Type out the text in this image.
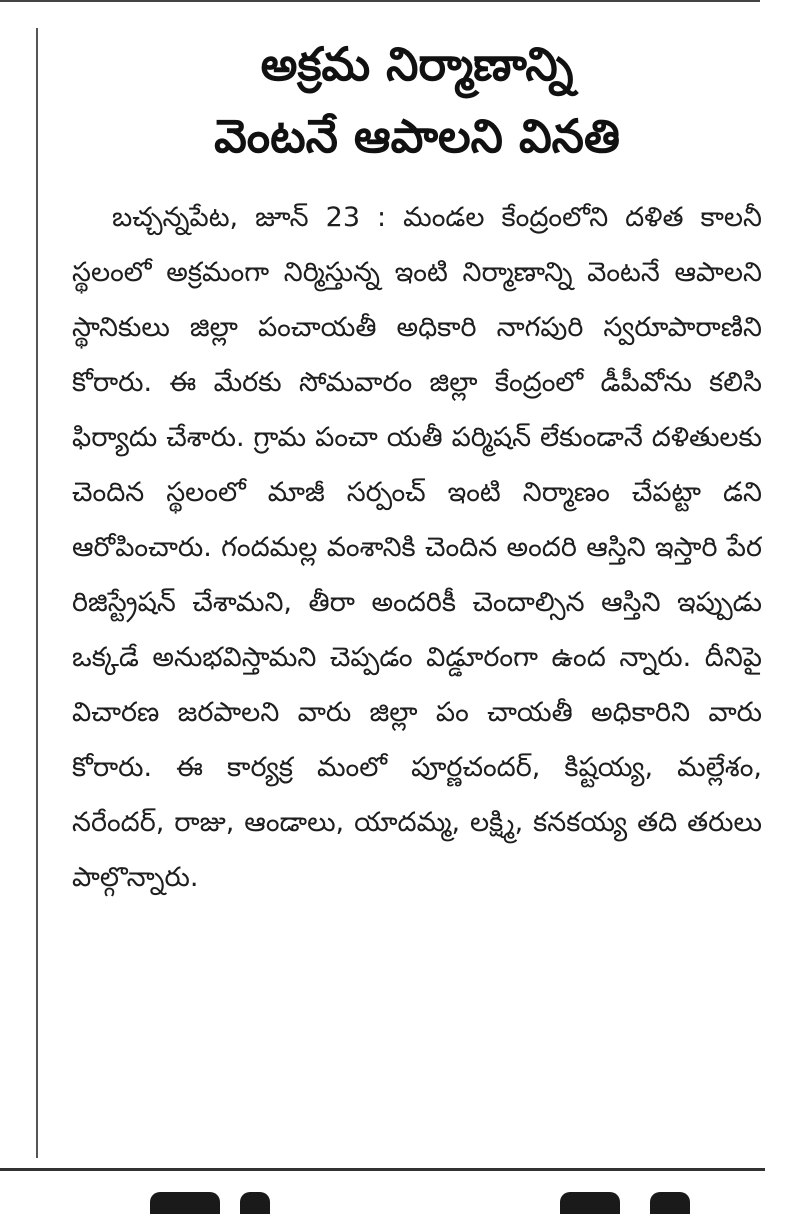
అక్రమ నిర్మాణాన్ని
వెంటనే ఆపాలని వినతి

బచ్చన్నపేట, జూన్ 23 : మండల కేంద్రంలోని దళిత కాలనీ స్థలంలో అక్రమంగా నిర్మిస్తున్న ఇంటి నిర్మాణాన్ని వెంటనే ఆపాలని స్థానికులు జిల్లా పంచాయతీ అధికారి నాగపురి స్వరూపారాణిని కోరారు. ఈ మేరకు సోమవారం జిల్లా కేంద్రంలో డీపీవోను కలిసి ఫిర్యాదు చేశారు. గ్రామ పంచా యతీ పర్మిషన్ లేకుండానే దళితులకు చెందిన స్థలంలో మాజీ సర్పంచ్ ఇంటి నిర్మాణం చేపట్టా డని ఆరోపించారు. గందమల్ల వంశానికి చెందిన అందరి ఆస్తిని ఇస్తారి పేర రిజిస్ట్రేషన్ చేశామని, తీరా అందరికీ చెందాల్సిన ఆస్తిని ఇప్పుడు ఒక్కడే అనుభవిస్తామని చెప్పడం విడ్డూరంగా ఉంద న్నారు. దీనిపై విచారణ జరపాలని వారు జిల్లా పం చాయతీ అధికారిని వారు కోరారు. ఈ కార్యక్ర మంలో పూర్ణచందర్, కిష్టయ్య, మల్లేశం, నరేందర్, రాజు, ఆండాలు, యాదమ్మ, లక్ష్మి, కనకయ్య తది తరులు పాల్గొన్నారు.
